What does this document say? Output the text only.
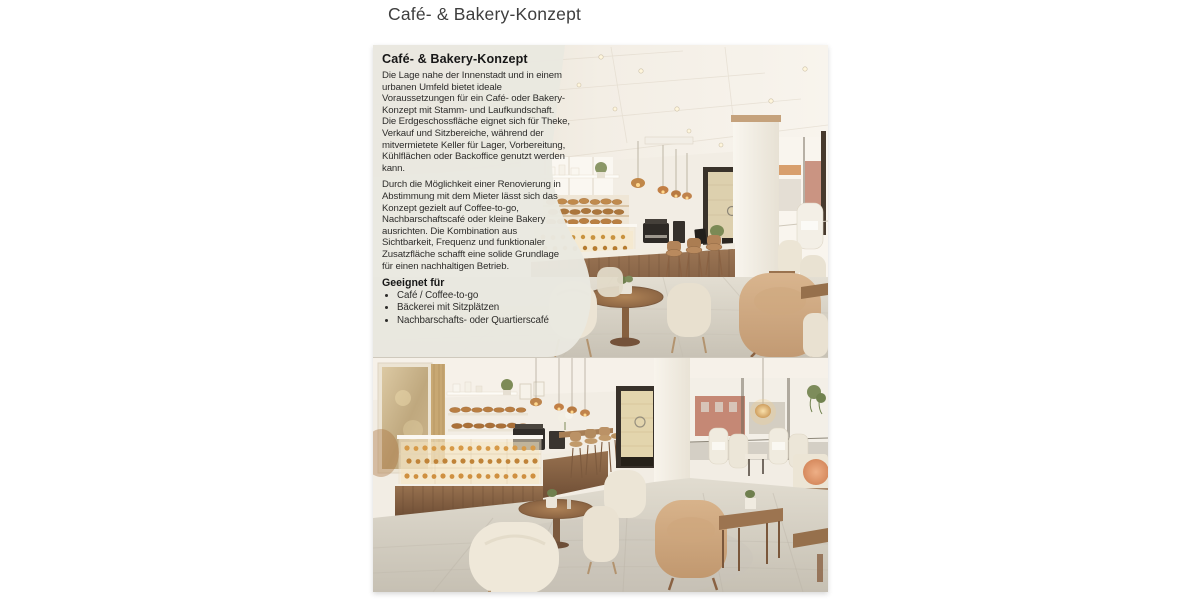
Café- & Bakery-Konzept
Café- & Bakery-Konzept

Die Lage nahe der Innenstadt und in einem urbanen Umfeld bietet ideale Voraussetzungen für ein Café- oder Bakery-Konzept mit Stamm- und Laufkundschaft. Die Erdgeschossfläche eignet sich für Theke, Verkauf und Sitzbereiche, während der mitvermietete Keller für Lager, Vorbereitung, Kühlflächen oder Backoffice genutzt werden kann.

Durch die Möglichkeit einer Renovierung in Abstimmung mit dem Mieter lässt sich das Konzept gezielt auf Coffee-to-go, Nachbarschaftscafé oder kleine Bakery ausrichten. Die Kombination aus Sichtbarkeit, Frequenz und funktionaler Zusatzfläche schafft eine solide Grundlage für einen nachhaltigen Betrieb.

Geeignet für
• Café / Coffee-to-go
• Bäckerei mit Sitzplätzen
• Nachbarschafts- oder Quartierscafé
